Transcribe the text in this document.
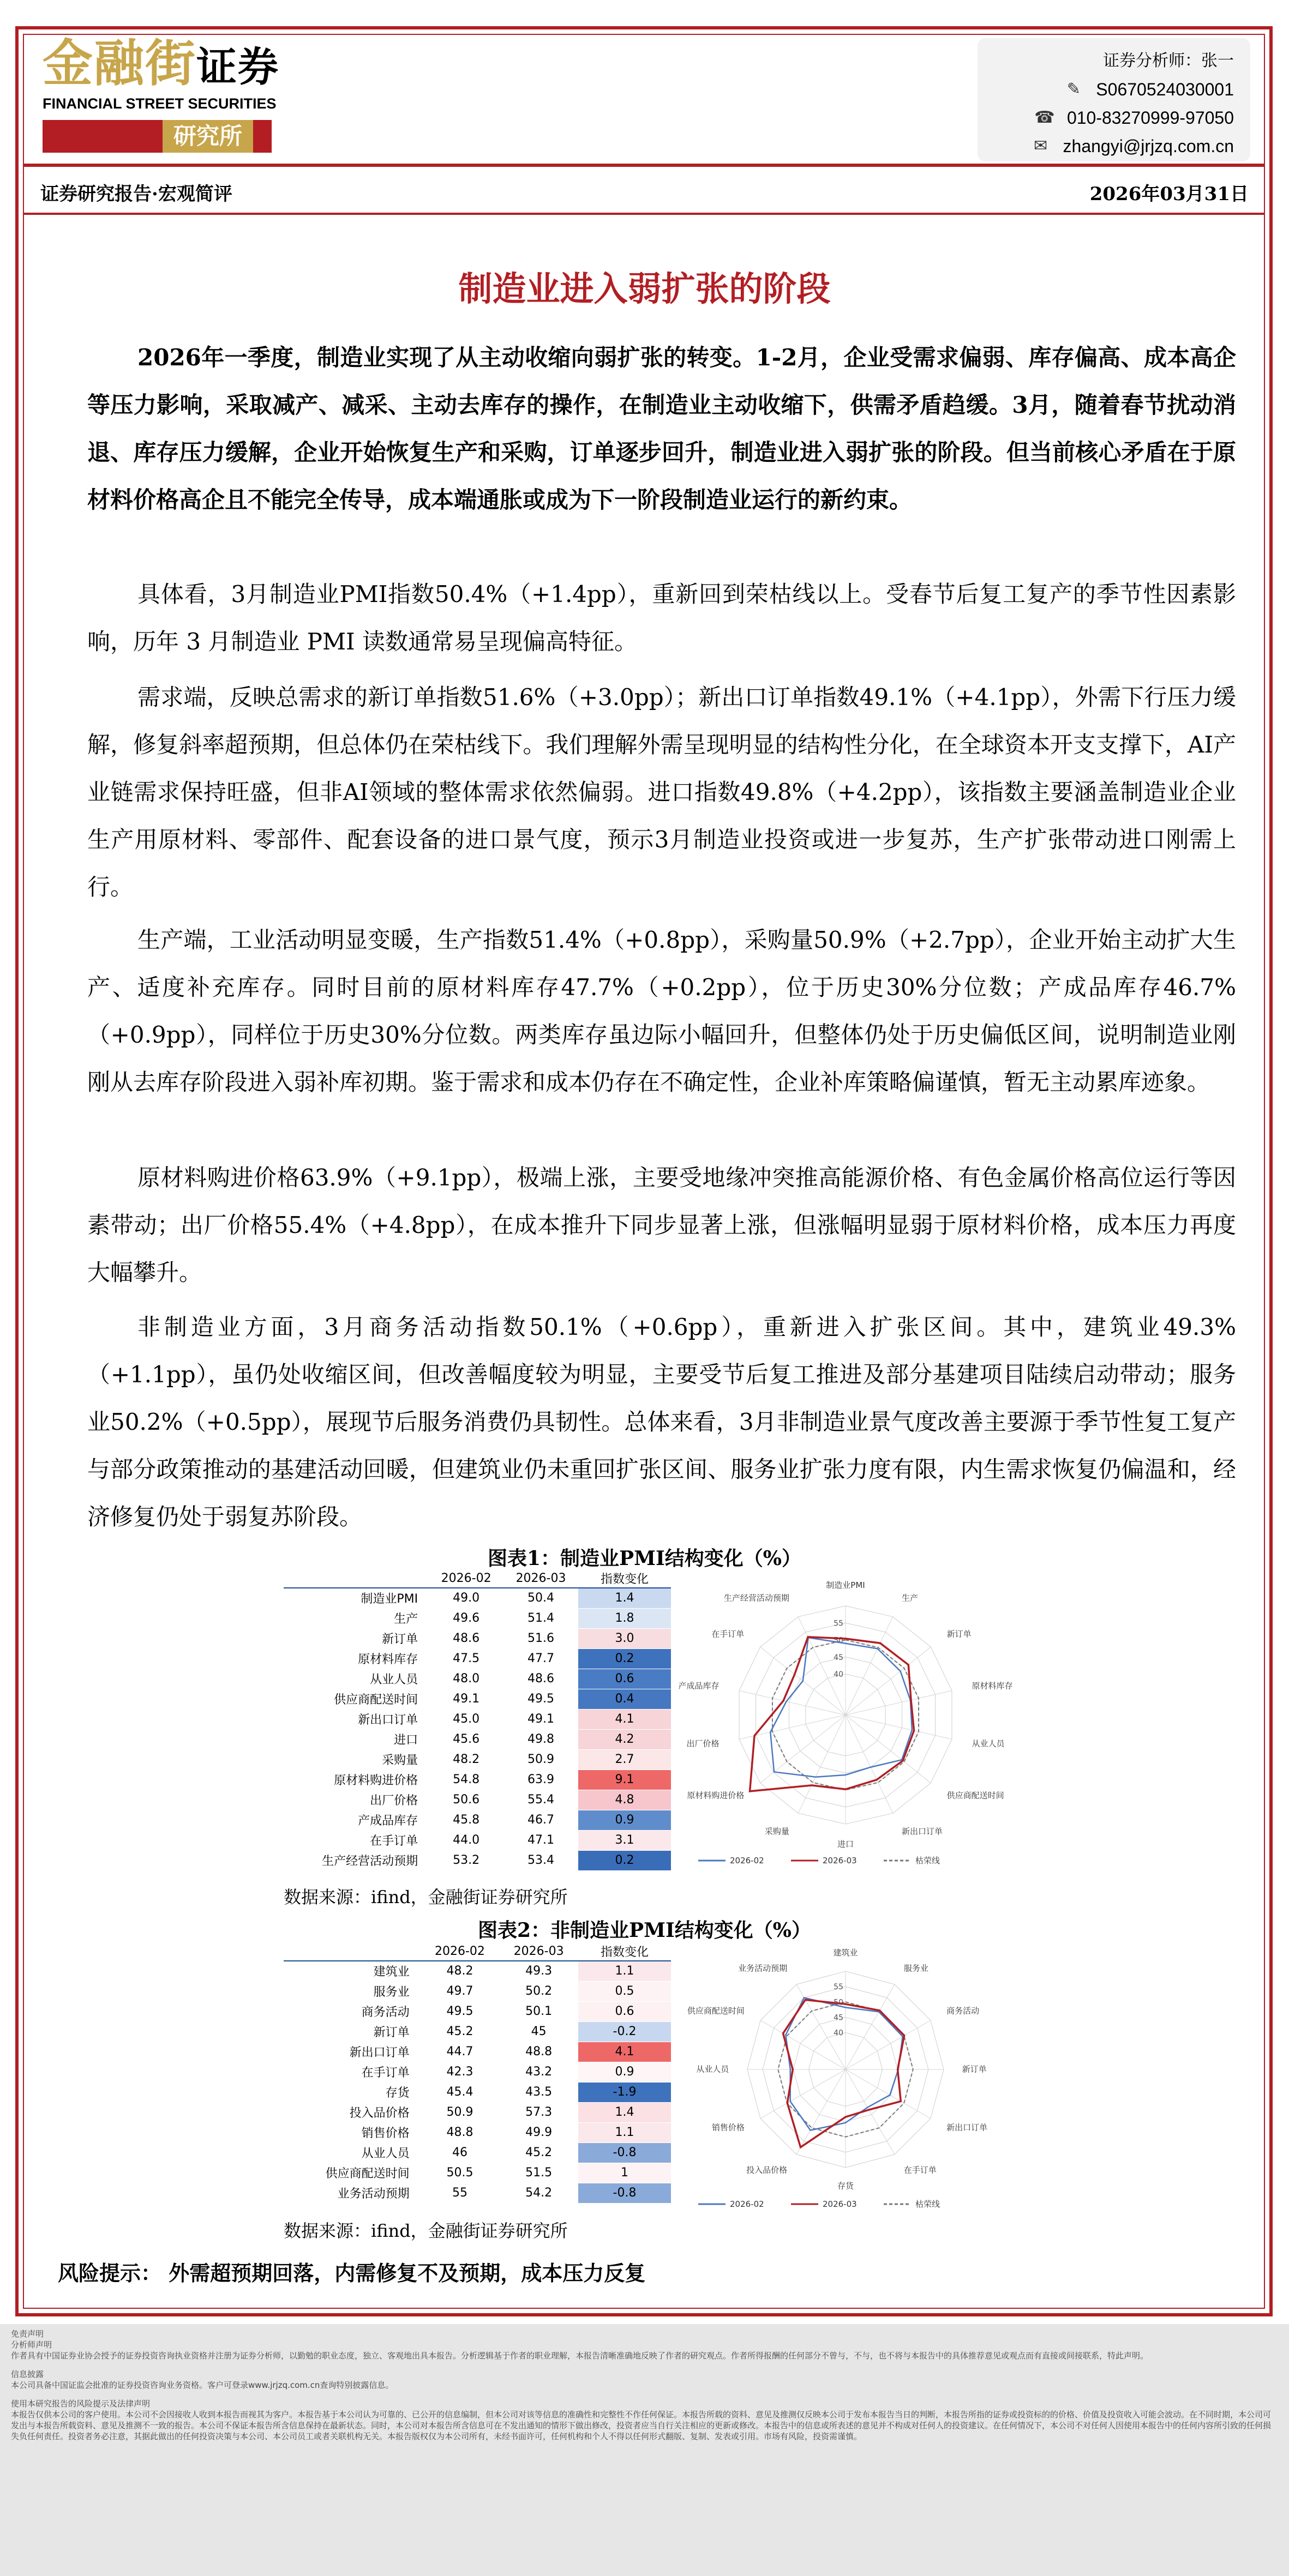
金融街证券
FINANCIAL STREET SECURITIES
研究所
证券分析师：张一
✎ S0670524030001
☎ 010-83270999-97050
✉ zhangyi@jrjzq.com.cn
证券研究报告·宏观简评	2026年03月31日
制造业进入弱扩张的阶段
2026年一季度，制造业实现了从主动收缩向弱扩张的转变。1-2月，企业受需求偏弱、库存偏高、成本高企等压力影响，采取减产、减采、主动去库存的操作，在制造业主动收缩下，供需矛盾趋缓。3月，随着春节扰动消退、库存压力缓解，企业开始恢复生产和采购，订单逐步回升，制造业进入弱扩张的阶段。但当前核心矛盾在于原材料价格高企且不能完全传导，成本端通胀或成为下一阶段制造业运行的新约束。
具体看，3月制造业PMI指数50.4%（+1.4pp），重新回到荣枯线以上。受春节后复工复产的季节性因素影响，历年 3 月制造业 PMI 读数通常易呈现偏高特征。
需求端，反映总需求的新订单指数51.6%（+3.0pp）；新出口订单指数49.1%（+4.1pp），外需下行压力缓解，修复斜率超预期，但总体仍在荣枯线下。我们理解外需呈现明显的结构性分化，在全球资本开支支撑下，AI产业链需求保持旺盛，但非AI领域的整体需求依然偏弱。进口指数49.8%（+4.2pp），该指数主要涵盖制造业企业生产用原材料、零部件、配套设备的进口景气度，预示3月制造业投资或进一步复苏，生产扩张带动进口刚需上行。
生产端，工业活动明显变暖，生产指数51.4%（+0.8pp），采购量50.9%（+2.7pp），企业开始主动扩大生产、适度补充库存。同时目前的原材料库存47.7%（+0.2pp），位于历史30%分位数；产成品库存46.7%（+0.9pp），同样位于历史30%分位数。两类库存虽边际小幅回升，但整体仍处于历史偏低区间，说明制造业刚刚从去库存阶段进入弱补库初期。鉴于需求和成本仍存在不确定性，企业补库策略偏谨慎，暂无主动累库迹象。
原材料购进价格63.9%（+9.1pp），极端上涨，主要受地缘冲突推高能源价格、有色金属价格高位运行等因素带动；出厂价格55.4%（+4.8pp），在成本推升下同步显著上涨，但涨幅明显弱于原材料价格，成本压力再度大幅攀升。
非制造业方面，3月商务活动指数50.1%（+0.6pp），重新进入扩张区间。其中，建筑业49.3%（+1.1pp），虽仍处收缩区间，但改善幅度较为明显，主要受节后复工推进及部分基建项目陆续启动带动；服务业50.2%（+0.5pp），展现节后服务消费仍具韧性。总体来看，3月非制造业景气度改善主要源于季节性复工复产与部分政策推动的基建活动回暖，但建筑业仍未重回扩张区间、服务业扩张力度有限，内生需求恢复仍偏温和，经济修复仍处于弱复苏阶段。
图表1：制造业PMI结构变化（%）
	2026-02	2026-03	指数变化
制造业PMI	49.0	50.4	1.4
生产	49.6	51.4	1.8
新订单	48.6	51.6	3.0
原材料库存	47.5	47.7	0.2
从业人员	48.0	48.6	0.6
供应商配送时间	49.1	49.5	0.4
新出口订单	45.0	49.1	4.1
进口	45.6	49.8	4.2
采购量	48.2	50.9	2.7
原材料购进价格	54.8	63.9	9.1
出厂价格	50.6	55.4	4.8
产成品库存	45.8	46.7	0.9
在手订单	44.0	47.1	3.1
生产经营活动预期	53.2	53.4	0.2
制造业PMI
生产
新订单
原材料库存
从业人员
供应商配送时间
新出口订单
进口
采购量
原材料购进价格
出厂价格
产成品库存
在手订单
生产经营活动预期
40
45
50
55
2026-02	2026-03	枯荣线
数据来源：ifind，金融街证券研究所
图表2：非制造业PMI结构变化（%）
	2026-02	2026-03	指数变化
建筑业	48.2	49.3	1.1
服务业	49.7	50.2	0.5
商务活动	49.5	50.1	0.6
新订单	45.2	45	-0.2
新出口订单	44.7	48.8	4.1
在手订单	42.3	43.2	0.9
存货	45.4	43.5	-1.9
投入品价格	50.9	57.3	1.4
销售价格	48.8	49.9	1.1
从业人员	46	45.2	-0.8
供应商配送时间	50.5	51.5	1
业务活动预期	55	54.2	-0.8
建筑业
服务业
商务活动
新订单
新出口订单
在手订单
存货
投入品价格
销售价格
从业人员
供应商配送时间
业务活动预期
40
45
50
55
2026-02	2026-03	枯荣线
数据来源：ifind，金融街证券研究所
风险提示： 外需超预期回落，内需修复不及预期，成本压力反复
免责声明
分析师声明
作者具有中国证券业协会授予的证券投资咨询执业资格并注册为证券分析师，以勤勉的职业态度，独立、客观地出具本报告。分析逻辑基于作者的职业理解，本报告清晰准确地反映了作者的研究观点。作者所得报酬的任何部分不曾与，不与，也不将与本报告中的具体推荐意见或观点而有直接或间接联系，特此声明。
信息披露
本公司具备中国证监会批准的证券投资咨询业务资格。客户可登录www.jrjzq.com.cn查询特别披露信息。
使用本研究报告的风险提示及法律声明
本报告仅供本公司的客户使用。本公司不会因接收人收到本报告而视其为客户。本报告基于本公司认为可靠的、已公开的信息编制，但本公司对该等信息的准确性和完整性不作任何保证。本报告所载的资料、意见及推测仅反映本公司于发布本报告当日的判断，本报告所指的证券或投资标的的价格、价值及投资收入可能会波动。在不同时期，本公司可发出与本报告所载资料、意见及推测不一致的报告。本公司不保证本报告所含信息保持在最新状态。同时，本公司对本报告所含信息可在不发出通知的情形下做出修改，投资者应当自行关注相应的更新或修改。本报告中的信息或所表述的意见并不构成对任何人的投资建议。在任何情况下，本公司不对任何人因使用本报告中的任何内容所引致的任何损失负任何责任。投资者务必注意，其据此做出的任何投资决策与本公司、本公司员工或者关联机构无关。本报告版权仅为本公司所有，未经书面许可，任何机构和个人不得以任何形式翻版、复制、发表或引用。市场有风险，投资需谨慎。
